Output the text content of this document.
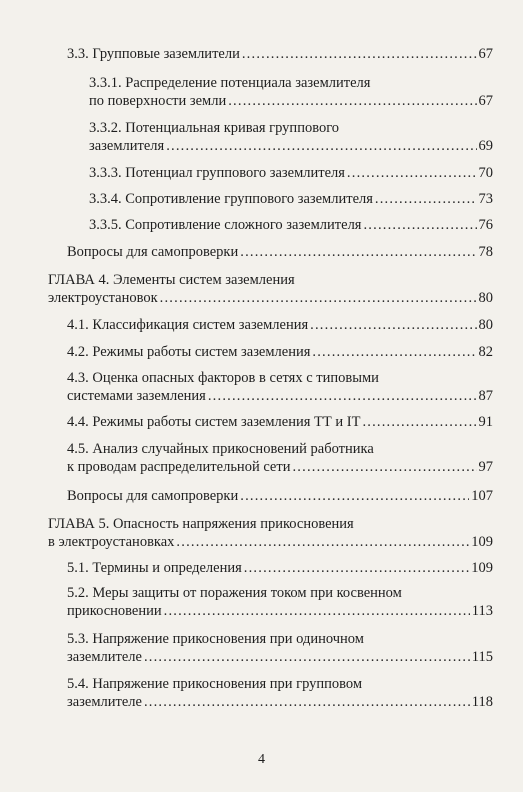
3.3. Групповые заземлители .....	67
3.3.1. Распределение потенциала заземлителя
по поверхности земли .....	67
3.3.2. Потенциальная кривая группового
заземлителя .....	69
3.3.3. Потенциал группового заземлителя .....	70
3.3.4. Сопротивление группового заземлителя .....	73
3.3.5. Сопротивление сложного заземлителя .....	76
Вопросы для самопроверки .....	78
ГЛАВА 4. Элементы систем заземления
электроустановок .....	80
4.1. Классификация систем заземления .....	80
4.2. Режимы работы систем заземления .....	82
4.3. Оценка опасных факторов в сетях с типовыми
системами заземления .....	87
4.4. Режимы работы систем заземления ТТ и IT .....	91
4.5. Анализ случайных прикосновений работника
к проводам распределительной сети .....	97
Вопросы для самопроверки .....	107
ГЛАВА 5. Опасность напряжения прикосновения
в электроустановках .....	109
5.1. Термины и определения .....	109
5.2. Меры защиты от поражения током при косвенном
прикосновении .....	113
5.3. Напряжение прикосновения при одиночном
заземлителе .....	115
5.4. Напряжение прикосновения при групповом
заземлителе .....	118
4
